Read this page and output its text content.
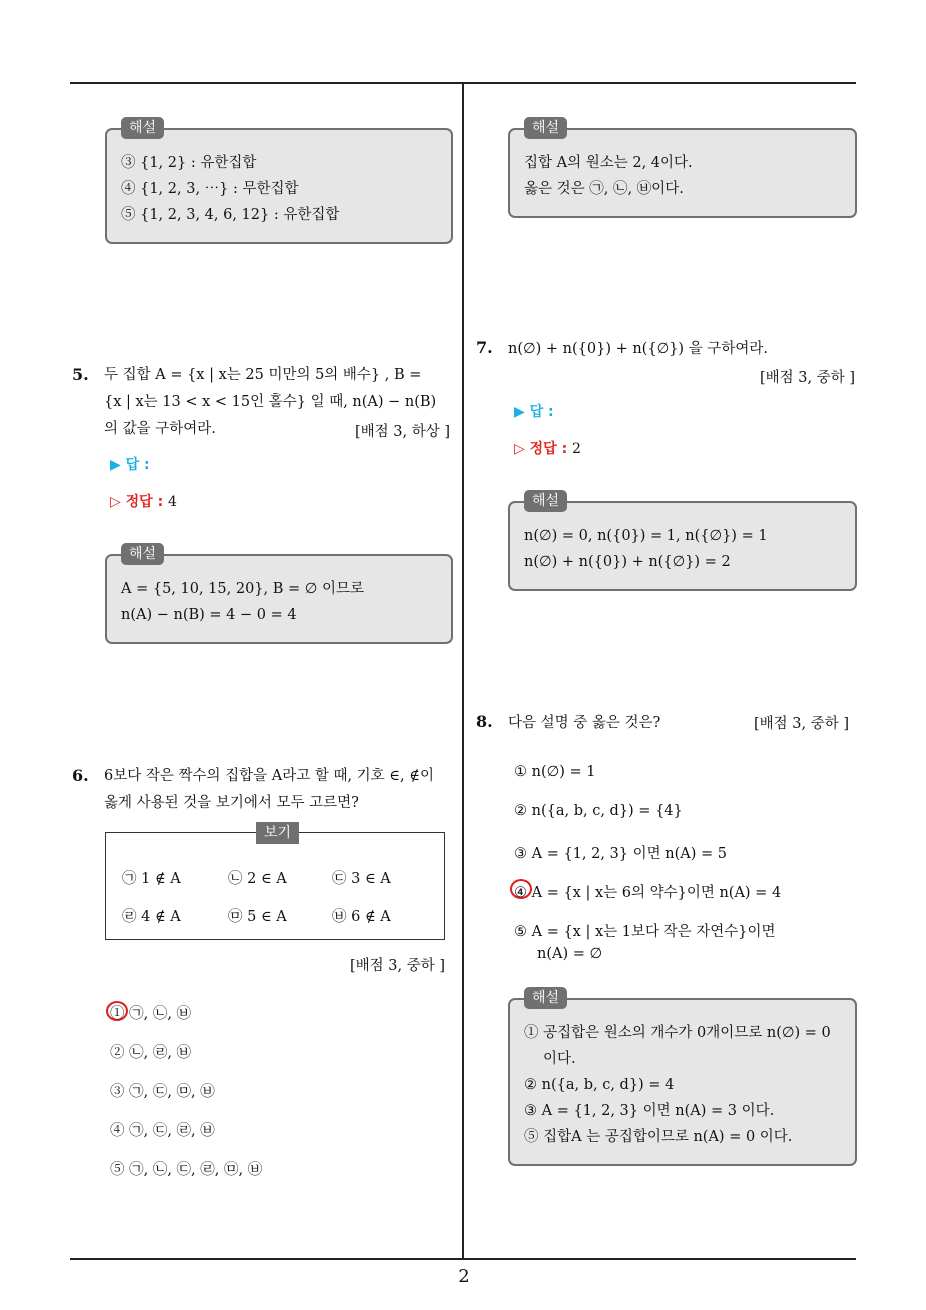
해설
③ {1, 2} : 유한집합
④ {1, 2, 3, ⋯} : 무한집합
⑤ {1, 2, 3, 4, 6, 12} : 유한집합
5. 두 집합 A = {x | x는 25 미만의 5의 배수} , B =
{x | x는 13 < x < 15인 홀수} 일 때, n(A) − n(B)
의 값을 구하여라.	[배점 3, 하상 ]
▶ 답 :
▷ 정답 : 4
해설
A = {5, 10, 15, 20}, B = ∅ 이므로
n(A) − n(B) = 4 − 0 = 4
6. 6보다 작은 짝수의 집합을 A라고 할 때, 기호 ∈, ∉이
옳게 사용된 것을 보기에서 모두 고르면?
보기
㉠ 1 ∉ A	㉡ 2 ∈ A	㉢ 3 ∈ A
㉣ 4 ∉ A	㉤ 5 ∈ A	㉥ 6 ∉ A
[배점 3, 중하 ]
① ㉠, ㉡, ㉥
② ㉡, ㉣, ㉥
③ ㉠, ㉢, ㉤, ㉥
④ ㉠, ㉢, ㉣, ㉥
⑤ ㉠, ㉡, ㉢, ㉣, ㉤, ㉥
해설
집합 A의 원소는 2, 4이다.
옳은 것은 ㉠, ㉡, ㉥이다.
7. n(∅) + n({0}) + n({∅}) 을 구하여라.
[배점 3, 중하 ]
▶ 답 :
▷ 정답 : 2
해설
n(∅) = 0, n({0}) = 1, n({∅}) = 1
n(∅) + n({0}) + n({∅}) = 2
8. 다음 설명 중 옳은 것은?	[배점 3, 중하 ]
① n(∅) = 1
② n({a, b, c, d}) = {4}
③ A = {1, 2, 3} 이면 n(A) = 5
④ A = {x | x는 6의 약수}이면 n(A) = 4
⑤ A = {x | x는 1보다 작은 자연수}이면
n(A) = ∅
해설
① 공집합은 원소의 개수가 0개이므로 n(∅) = 0
이다.
② n({a, b, c, d}) = 4
③ A = {1, 2, 3} 이면 n(A) = 3 이다.
⑤ 집합A 는 공집합이므로 n(A) = 0 이다.
2
